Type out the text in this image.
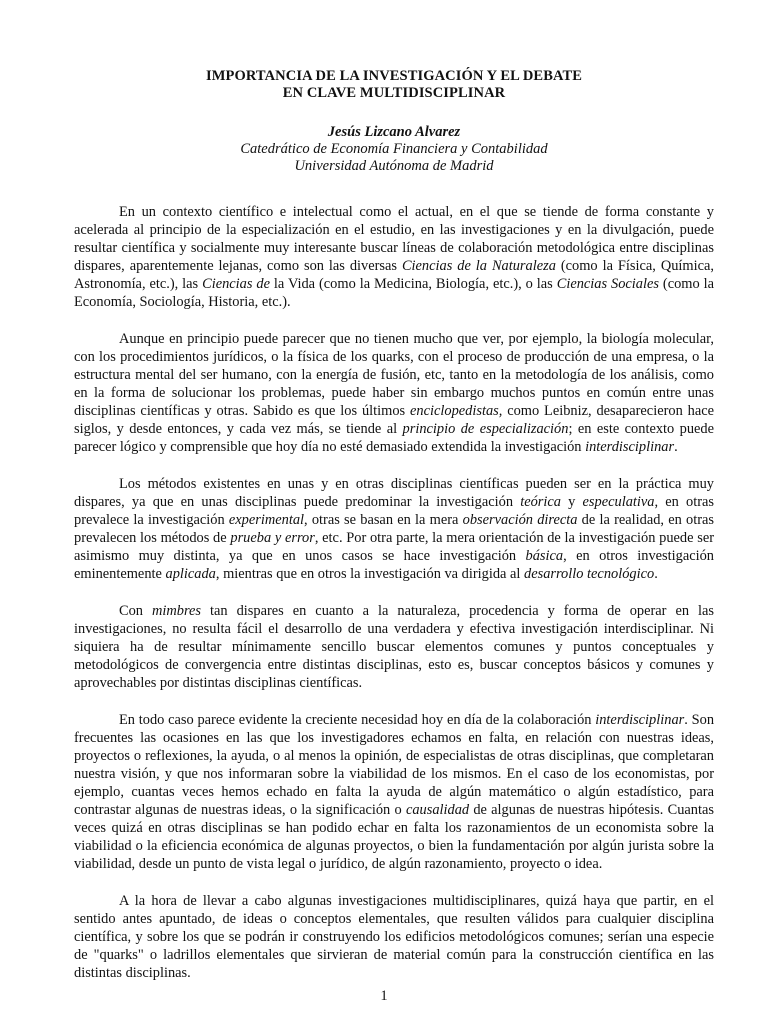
IMPORTANCIA DE LA INVESTIGACIÓN Y EL DEBATE
EN CLAVE MULTIDISCIPLINAR
Jesús Lizcano Alvarez
Catedrático de Economía Financiera y Contabilidad
Universidad Autónoma de Madrid

En un contexto científico e intelectual como el actual, en el que se tiende de forma constante y acelerada al principio de la especialización en el estudio, en las investigaciones y en la divulgación, puede resultar científica y socialmente muy interesante buscar líneas de colaboración metodológica entre disciplinas dispares, aparentemente lejanas, como son las diversas Ciencias de la Naturaleza (como la Física, Química, Astronomía, etc.), las Ciencias de la Vida (como la Medicina, Biología, etc.), o las Ciencias Sociales (como la Economía, Sociología, Historia, etc.).

Aunque en principio puede parecer que no tienen mucho que ver, por ejemplo, la biología molecular, con los procedimientos jurídicos, o la física de los quarks, con el proceso de producción de una empresa, o la estructura mental del ser humano, con la energía de fusión, etc, tanto en la metodología de los análisis, como en la forma de solucionar los problemas, puede haber sin embargo muchos puntos en común entre unas disciplinas científicas y otras. Sabido es que los últimos enciclopedistas, como Leibniz, desaparecieron hace siglos, y desde entonces, y cada vez más, se tiende al principio de especialización; en este contexto puede parecer lógico y comprensible que hoy día no esté demasiado extendida la investigación interdisciplinar.

Los métodos existentes en unas y en otras disciplinas científicas pueden ser en la práctica muy dispares, ya que en unas disciplinas puede predominar la investigación teórica y especulativa, en otras prevalece la investigación experimental, otras se basan en la mera observación directa de la realidad, en otras prevalecen los métodos de prueba y error, etc. Por otra parte, la mera orientación de la investigación puede ser asimismo muy distinta, ya que en unos casos se hace investigación básica, en otros investigación eminentemente aplicada, mientras que en otros la investigación va dirigida al desarrollo tecnológico.

Con mimbres tan dispares en cuanto a la naturaleza, procedencia y forma de operar en las investigaciones, no resulta fácil el desarrollo de una verdadera y efectiva investigación interdisciplinar. Ni siquiera ha de resultar mínimamente sencillo buscar elementos comunes y puntos conceptuales y metodológicos de convergencia entre distintas disciplinas, esto es, buscar conceptos básicos y comunes y aprovechables por distintas disciplinas científicas.

En todo caso parece evidente la creciente necesidad hoy en día de la colaboración interdisciplinar. Son frecuentes las ocasiones en las que los investigadores echamos en falta, en relación con nuestras ideas, proyectos o reflexiones, la ayuda, o al menos la opinión, de especialistas de otras disciplinas, que completaran nuestra visión, y que nos informaran sobre la viabilidad de los mismos. En el caso de los economistas, por ejemplo, cuantas veces hemos echado en falta la ayuda de algún matemático o algún estadístico, para contrastar algunas de nuestras ideas, o la significación o causalidad de algunas de nuestras hipótesis. Cuantas veces quizá en otras disciplinas se han podido echar en falta los razonamientos de un economista sobre la viabilidad o la eficiencia económica de algunas proyectos, o bien la fundamentación por algún jurista sobre la viabilidad, desde un punto de vista legal o jurídico, de algún razonamiento, proyecto o idea.

A la hora de llevar a cabo algunas investigaciones multidisciplinares, quizá haya que partir, en el sentido antes apuntado, de ideas o conceptos elementales, que resulten válidos para cualquier disciplina científica, y sobre los que se podrán ir construyendo los edificios metodológicos comunes; serían una especie de "quarks" o ladrillos elementales que sirvieran de material común para la construcción científica en las distintas disciplinas.

1
